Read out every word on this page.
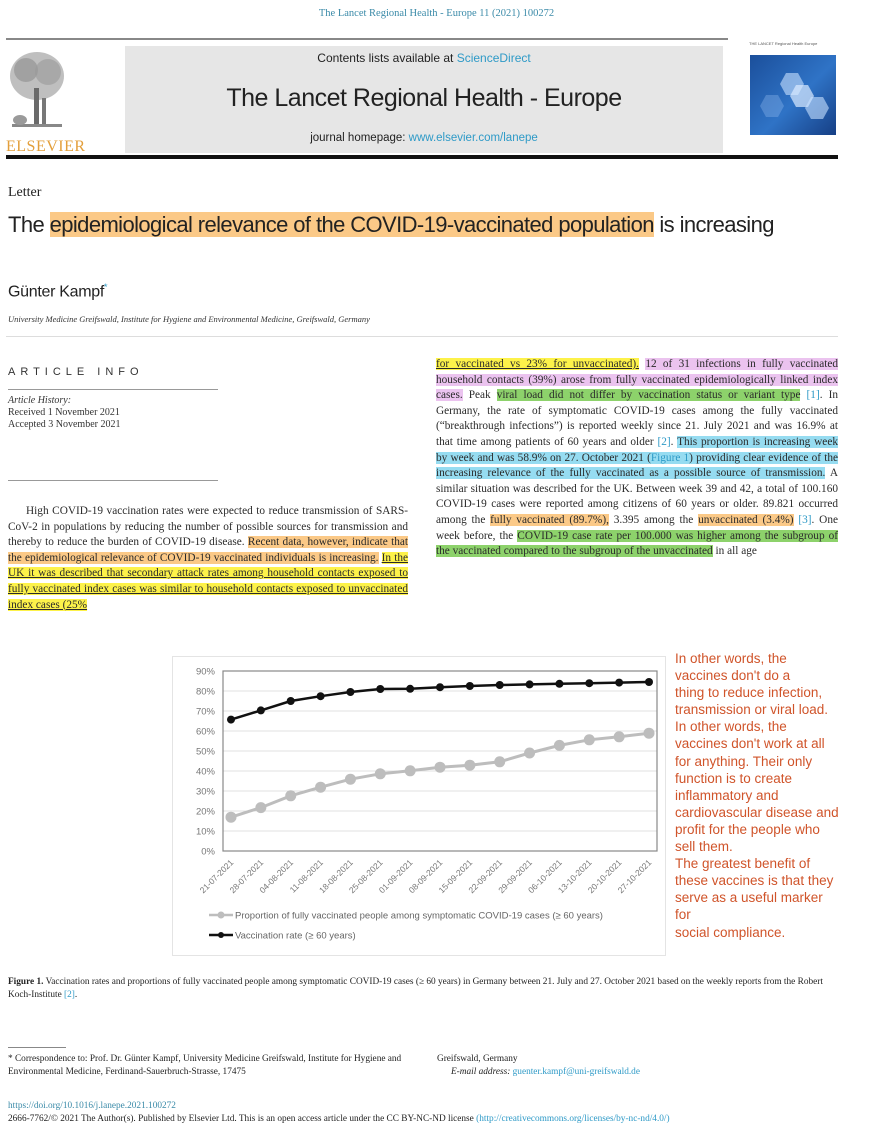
The Lancet Regional Health - Europe 11 (2021) 100272
ELSEVIER
Contents lists available at ScienceDirect
The Lancet Regional Health - Europe
journal homepage: www.elsevier.com/lanepe
THE LANCET Regional Health Europe
Letter
The epidemiological relevance of the COVID-19-vaccinated population is increasing
Günter Kampf*
University Medicine Greifswald, Institute for Hygiene and Environmental Medicine, Greifswald, Germany
ARTICLE INFO
Article History:
Received 1 November 2021
Accepted 3 November 2021
High COVID-19 vaccination rates were expected to reduce transmission of SARS-CoV-2 in populations by reducing the number of possible sources for transmission and thereby to reduce the burden of COVID-19 disease. Recent data, however, indicate that the epidemiological relevance of COVID-19 vaccinated individuals is increasing. In the UK it was described that secondary attack rates among household contacts exposed to fully vaccinated index cases was similar to household contacts exposed to unvaccinated index cases (25%
for vaccinated vs 23% for unvaccinated). 12 of 31 infections in fully vaccinated household contacts (39%) arose from fully vaccinated epidemiologically linked index cases. Peak viral load did not differ by vaccination status or variant type [1]. In Germany, the rate of symptomatic COVID-19 cases among the fully vaccinated (“breakthrough infections”) is reported weekly since 21. July 2021 and was 16.9% at that time among patients of 60 years and older [2]. This proportion is increasing week by week and was 58.9% on 27. October 2021 (Figure 1) providing clear evidence of the increasing relevance of the fully vaccinated as a possible source of transmission. A similar situation was described for the UK. Between week 39 and 42, a total of 100.160 COVID-19 cases were reported among citizens of 60 years or older. 89.821 occurred among the fully vaccinated (89.7%), 3.395 among the unvaccinated (3.4%) [3]. One week before, the COVID-19 case rate per 100.000 was higher among the subgroup of the vaccinated compared to the subgroup of the unvaccinated in all age
0%
10%
20%
30%
40%
50%
60%
70%
80%
90%
21-07-2021
28-07-2021
04-08-2021
11-08-2021
18-08-2021
25-08-2021
01-09-2021
08-09-2021
15-09-2021
22-09-2021
29-09-2021
06-10-2021
13-10-2021
20-10-2021
27-10-2021
Proportion of fully vaccinated people among symptomatic COVID-19 cases (≥ 60 years)
Vaccination rate (≥ 60 years)
In other words, the
vaccines don't do a
thing to reduce infection,
transmission or viral load.
In other words, the
vaccines don't work at all
for anything. Their only
function is to create
inflammatory and
cardiovascular disease and
profit for the people who
sell them.
The greatest benefit of
these vaccines is that they
serve as a useful marker
for
social compliance.
Figure 1. Vaccination rates and proportions of fully vaccinated people among symptomatic COVID-19 cases (≥ 60 years) in Germany between 21. July and 27. October 2021 based on the weekly reports from the Robert Koch-Institute [2].
* Correspondence to: Prof. Dr. Günter Kampf, University Medicine Greifswald, Institute for Hygiene and Environmental Medicine, Ferdinand-Sauerbruch-Strasse, 17475
Greifswald, Germany
E-mail address: guenter.kampf@uni-greifswald.de
https://doi.org/10.1016/j.lanepe.2021.100272
2666-7762/© 2021 The Author(s). Published by Elsevier Ltd. This is an open access article under the CC BY-NC-ND license (http://creativecommons.org/licenses/by-nc-nd/4.0/)
